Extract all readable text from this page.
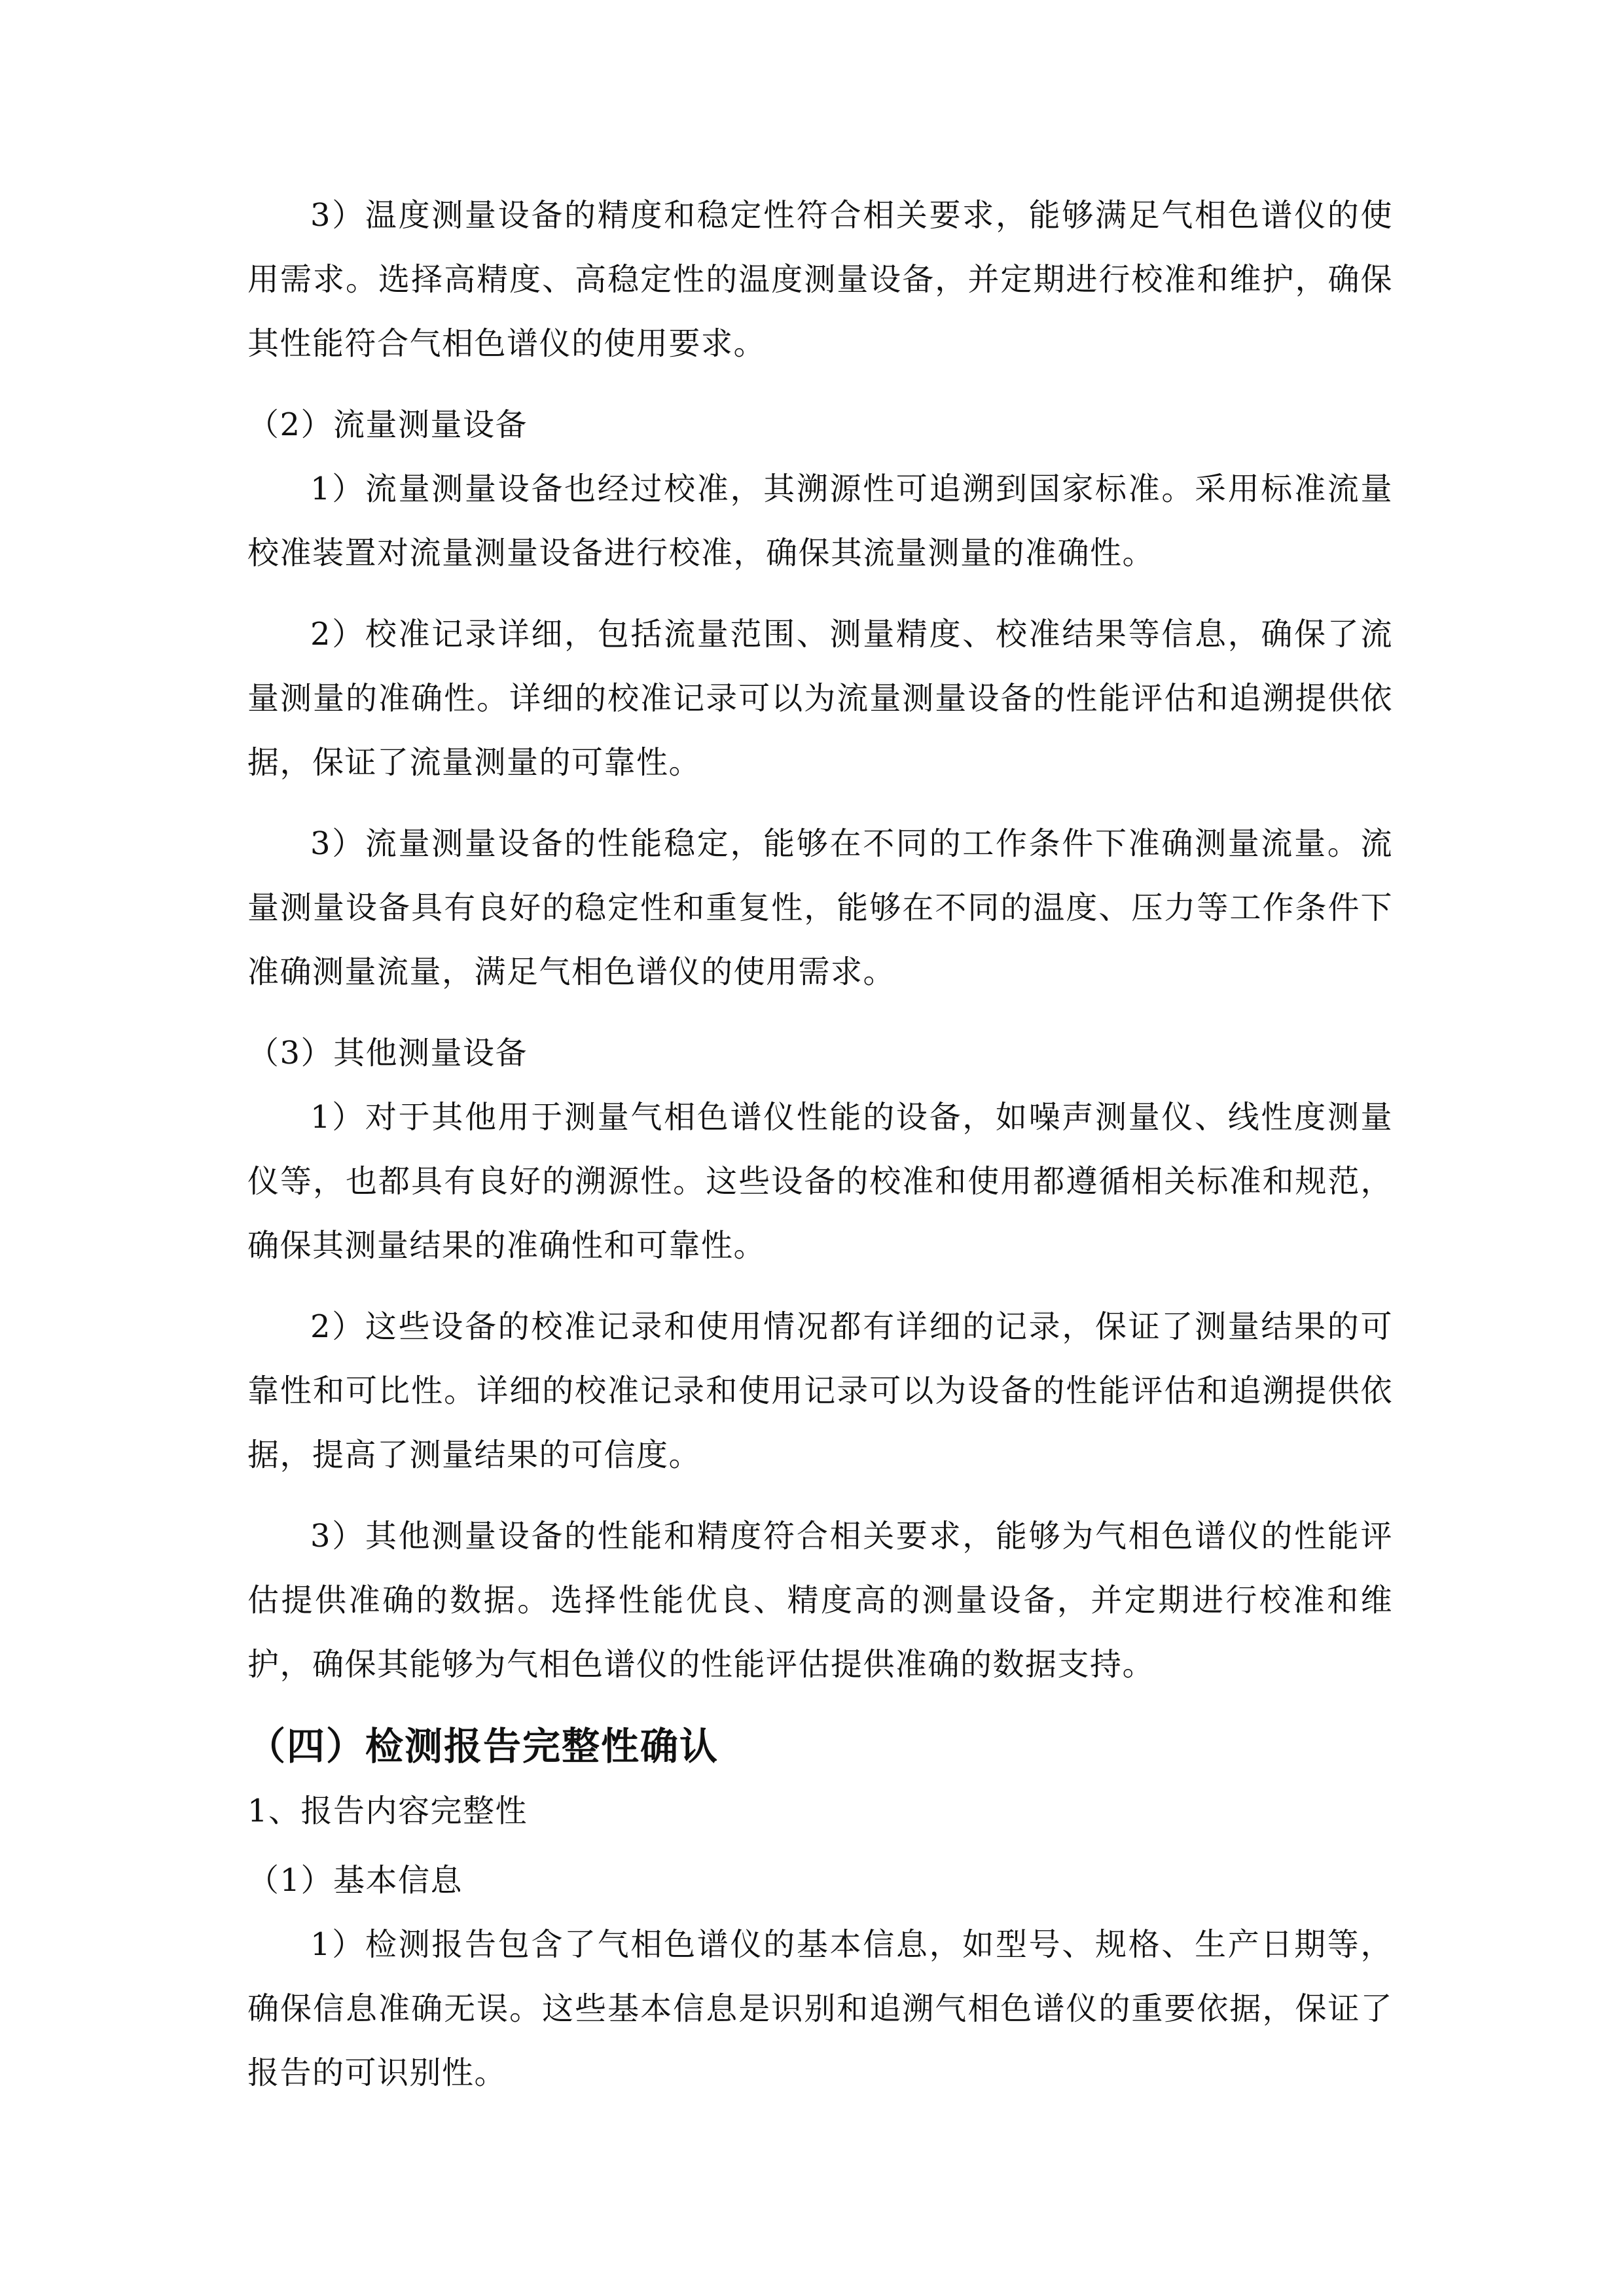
3）温度测量设备的精度和稳定性符合相关要求，能够满足气相色谱仪的使用需求。选择高精度、高稳定性的温度测量设备，并定期进行校准和维护，确保其性能符合气相色谱仪的使用要求。

（2）流量测量设备

1）流量测量设备也经过校准，其溯源性可追溯到国家标准。采用标准流量校准装置对流量测量设备进行校准，确保其流量测量的准确性。

2）校准记录详细，包括流量范围、测量精度、校准结果等信息，确保了流量测量的准确性。详细的校准记录可以为流量测量设备的性能评估和追溯提供依据，保证了流量测量的可靠性。

3）流量测量设备的性能稳定，能够在不同的工作条件下准确测量流量。流量测量设备具有良好的稳定性和重复性，能够在不同的温度、压力等工作条件下准确测量流量，满足气相色谱仪的使用需求。

（3）其他测量设备

1）对于其他用于测量气相色谱仪性能的设备，如噪声测量仪、线性度测量仪等，也都具有良好的溯源性。这些设备的校准和使用都遵循相关标准和规范，确保其测量结果的准确性和可靠性。

2）这些设备的校准记录和使用情况都有详细的记录，保证了测量结果的可靠性和可比性。详细的校准记录和使用记录可以为设备的性能评估和追溯提供依据，提高了测量结果的可信度。

3）其他测量设备的性能和精度符合相关要求，能够为气相色谱仪的性能评估提供准确的数据。选择性能优良、精度高的测量设备，并定期进行校准和维护，确保其能够为气相色谱仪的性能评估提供准确的数据支持。

（四）检测报告完整性确认

1、报告内容完整性

（1）基本信息

1）检测报告包含了气相色谱仪的基本信息，如型号、规格、生产日期等，确保信息准确无误。这些基本信息是识别和追溯气相色谱仪的重要依据，保证了报告的可识别性。
